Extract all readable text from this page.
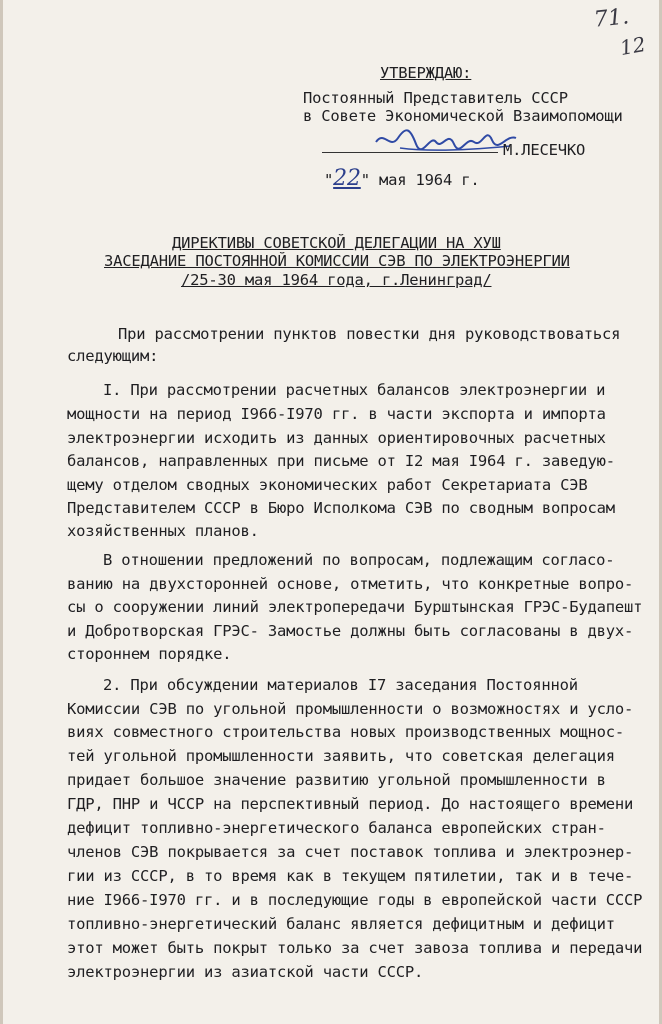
71.
12
УТВЕРЖДАЮ:
Постоянный Представитель СССР
в Совете Экономической Взаимопомощи
М.ЛЕСЕЧКО
"22" мая 1964 г.
ДИРЕКТИВЫ СОВЕТСКОЙ ДЕЛЕГАЦИИ НА ХУШ
ЗАСЕДАНИЕ ПОСТОЯННОЙ КОМИССИИ СЭВ ПО ЭЛЕКТРОЭНЕРГИИ
/25-30 мая 1964 года, г.Ленинград/
При рассмотрении пунктов повестки дня руководствоваться
следующим:
I. При рассмотрении расчетных балансов электроэнергии и
мощности на период I966-I970 гг. в части экспорта и импорта
электроэнергии исходить из данных ориентировочных расчетных
балансов, направленных при письме от I2 мая I964 г. заведую-
щему отделом сводных экономических работ Секретариата СЭВ
Представителем СССР в Бюро Исполкома СЭВ по сводным вопросам
хозяйственных планов.
В отношении предложений по вопросам, подлежащим согласо-
ванию на двухсторонней основе, отметить, что конкретные вопро-
сы о сооружении линий электропередачи Бурштынская ГРЭС-Будапешт
и Добротворская ГРЭС- Замостье должны быть согласованы в двух-
стороннем порядке.
2. При обсуждении материалов I7 заседания Постоянной
Комиссии СЭВ по угольной промышленности о возможностях и усло-
виях совместного строительства новых производственных мощнос-
тей угольной промышленности заявить, что советская делегация
придает большое значение развитию угольной промышленности в
ГДР, ПНР и ЧССР на перспективный период. До настоящего времени
дефицит топливно-энергетического баланса европейских стран-
членов СЭВ покрывается за счет поставок топлива и электроэнер-
гии из СССР, в то время как в текущем пятилетии, так и в тече-
ние I966-I970 гг. и в последующие годы в европейской части СССР
топливно-энергетический баланс является дефицитным и дефицит
этот может быть покрыт только за счет завоза топлива и передачи
электроэнергии из азиатской части СССР.
